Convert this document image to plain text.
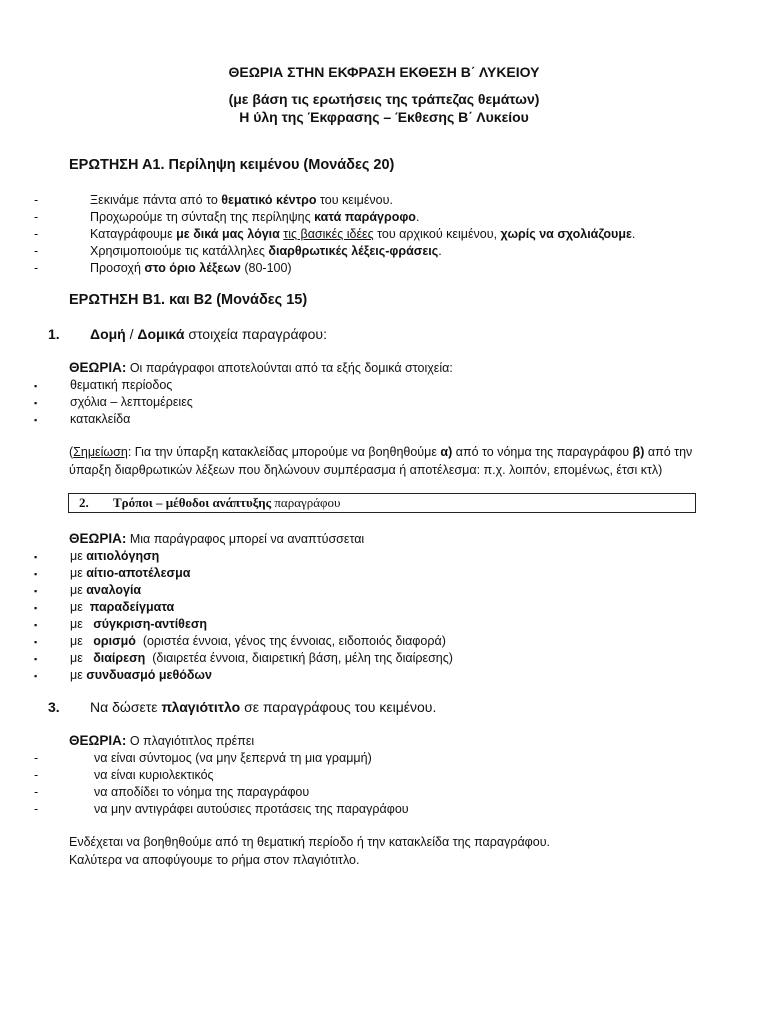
ΘΕΩΡΙΑ ΣΤΗΝ ΕΚΦΡΑΣΗ ΕΚΘΕΣΗ Β΄ ΛΥΚΕΙΟΥ
(με βάση τις ερωτήσεις της τράπεζας θεμάτων)
Η ύλη της Έκφρασης – Έκθεσης Β΄ Λυκείου
ΕΡΩΤΗΣΗ Α1. Περίληψη κειμένου (Μονάδες 20)
-	Ξεκινάμε πάντα από το θεματικό κέντρο του κειμένου.
-	Προχωρούμε τη σύνταξη της περίληψης κατά παράγροφο.
-	Καταγράφουμε με δικά μας λόγια τις βασικές ιδέες του αρχικού κειμένου, χωρίς να σχολιάζουμε.
-	Χρησιμοποιούμε τις κατάλληλες διαρθρωτικές λέξεις-φράσεις.
-	Προσοχή στο όριο λέξεων (80-100)
ΕΡΩΤΗΣΗ Β1. και Β2 (Μονάδες 15)
1. Δομή / Δομικά στοιχεία παραγράφου:
ΘΕΩΡΙΑ: Οι παράγραφοι αποτελούνται από τα εξής δομικά στοιχεία:
▪	θεματική περίοδος
▪	σχόλια – λεπτομέρειες
▪	κατακλείδα
(Σημείωση: Για την ύπαρξη κατακλείδας μπορούμε να βοηθηθούμε α) από το νόημα της παραγράφου β) από την
ύπαρξη διαρθρωτικών λέξεων που δηλώνουν συμπέρασμα ή αποτέλεσμα: π.χ. λοιπόν, επομένως, έτσι κτλ)
2. Τρόποι – μέθοδοι ανάπτυξης παραγράφου
ΘΕΩΡΙΑ: Μια παράγραφος μπορεί να αναπτύσσεται
▪	με αιτιολόγηση
▪	με αίτιο-αποτέλεσμα
▪	με αναλογία
▪	με  παραδείγματα
▪	με   σύγκριση-αντίθεση
▪	με   ορισμό  (οριστέα έννοια, γένος της έννοιας, ειδοποιός διαφορά)
▪	με   διαίρεση  (διαιρετέα έννοια, διαιρετική βάση, μέλη της διαίρεσης)
▪	με συνδυασμό μεθόδων
3. Να δώσετε πλαγιότιτλο σε παραγράφους του κειμένου.
ΘΕΩΡΙΑ: Ο πλαγιότιτλος πρέπει
-	να είναι σύντομος (να μην ξεπερνά τη μια γραμμή)
-	να είναι κυριολεκτικός
-	να αποδίδει το νόημα της παραγράφου
-	να μην αντιγράφει αυτούσιες προτάσεις της παραγράφου
Ενδέχεται να βοηθηθούμε από τη θεματική περίοδο ή την κατακλείδα της παραγράφου.
Καλύτερα να αποφύγουμε το ρήμα στον πλαγιότιτλο.
